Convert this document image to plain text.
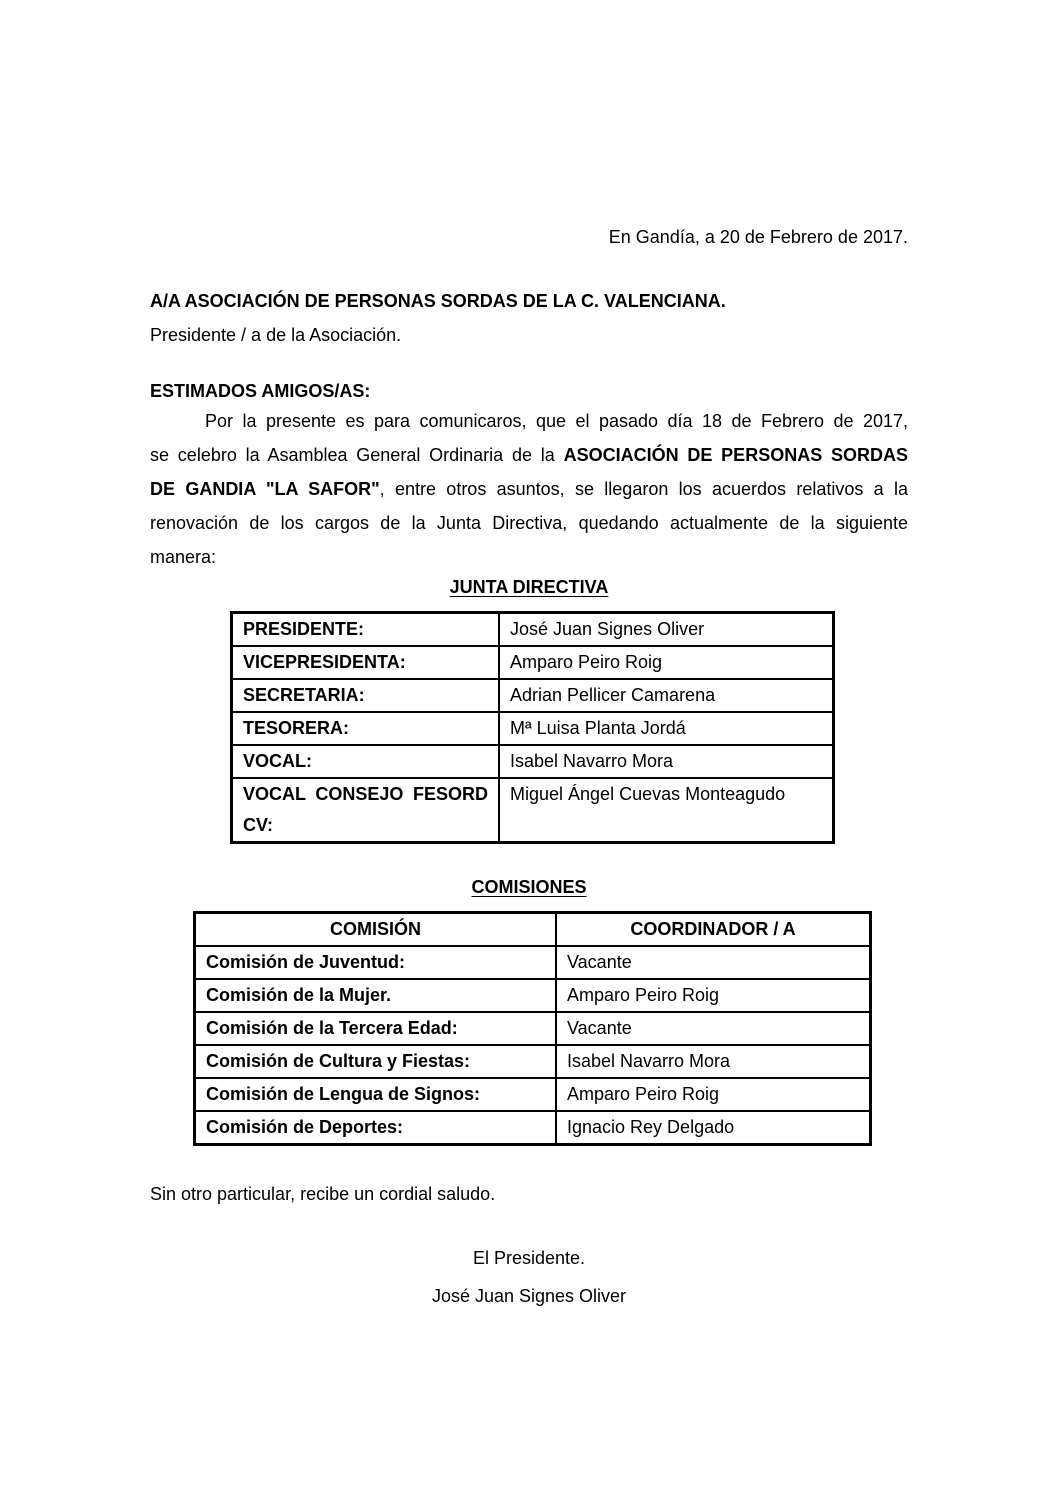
En Gandía, a 20 de Febrero de 2017.
A/A ASOCIACIÓN DE PERSONAS SORDAS DE LA C. VALENCIANA.
Presidente / a de la Asociación.
ESTIMADOS AMIGOS/AS:
Por la presente es para comunicaros, que el pasado día 18 de Febrero de 2017,
se celebro la Asamblea General Ordinaria de la ASOCIACIÓN DE PERSONAS SORDAS
DE GANDIA "LA SAFOR", entre otros asuntos, se llegaron los acuerdos relativos a la
renovación de los cargos de la Junta Directiva, quedando actualmente de la siguiente
manera:
JUNTA DIRECTIVA
PRESIDENTE:	José Juan Signes Oliver
VICEPRESIDENTA:	Amparo Peiro Roig
SECRETARIA:	Adrian Pellicer Camarena
TESORERA:	Mª Luisa Planta Jordá
VOCAL:	Isabel Navarro Mora
VOCAL CONSEJO FESORD CV:	Miguel Ángel Cuevas Monteagudo
COMISIONES
COMISIÓN	COORDINADOR / A
Comisión de Juventud:	Vacante
Comisión de la Mujer.	Amparo Peiro Roig
Comisión de la Tercera Edad:	Vacante
Comisión de Cultura y Fiestas:	Isabel Navarro Mora
Comisión de Lengua de Signos:	Amparo Peiro Roig
Comisión de Deportes:	Ignacio Rey Delgado
Sin otro particular, recibe un cordial saludo.
El Presidente.
José Juan Signes Oliver
